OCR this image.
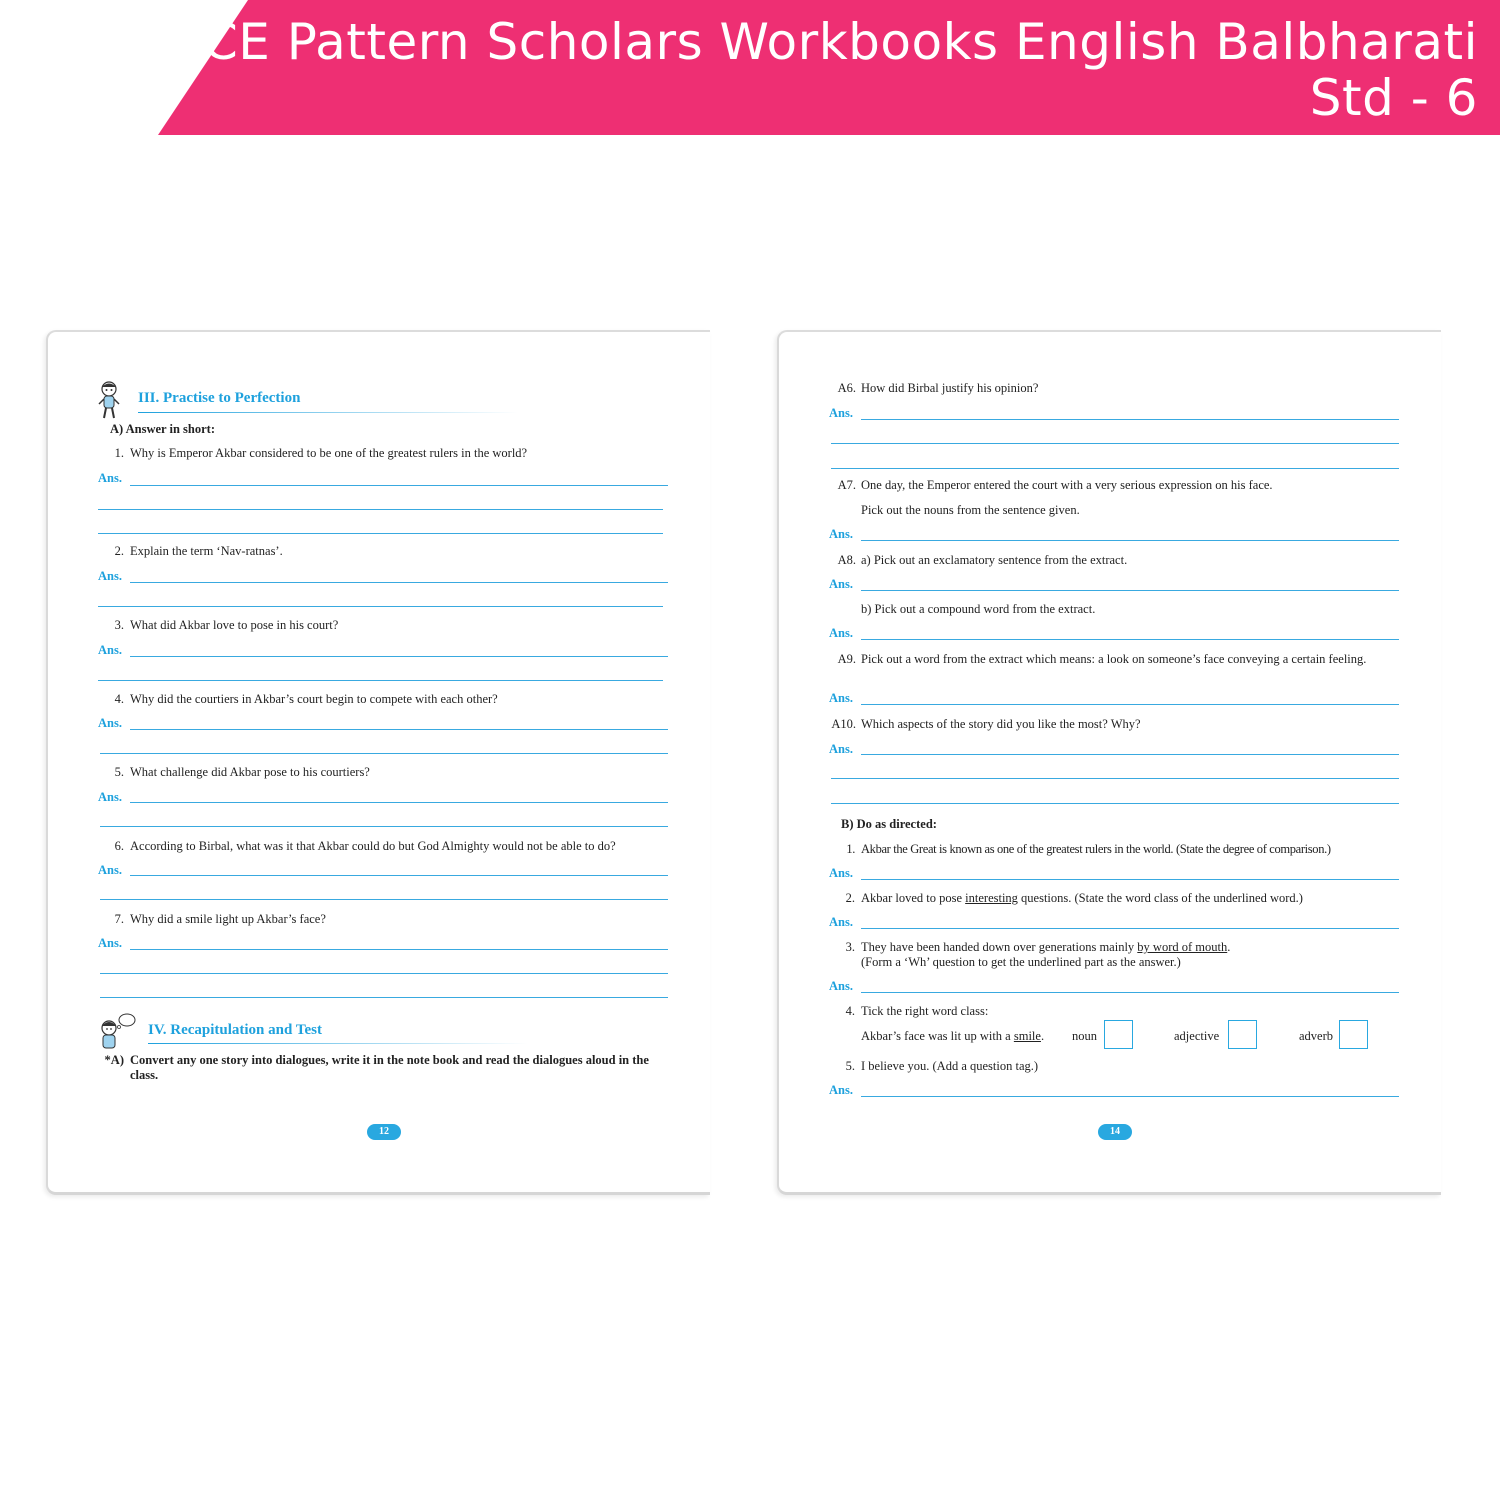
CCE Pattern Scholars Workbooks English Balbharati
Std - 6
III. Practise to Perfection
A) Answer in short:
1. Why is Emperor Akbar considered to be one of the greatest rulers in the world?
Ans.
2. Explain the term ‘Nav-ratnas’.
Ans.
3. What did Akbar love to pose in his court?
Ans.
4. Why did the courtiers in Akbar’s court begin to compete with each other?
Ans.
5. What challenge did Akbar pose to his courtiers?
Ans.
6. According to Birbal, what was it that Akbar could do but God Almighty would not be able to do?
Ans.
7. Why did a smile light up Akbar’s face?
Ans.
IV. Recapitulation and Test
*A) Convert any one story into dialogues, write it in the note book and read the dialogues aloud in the class.
12
A6. How did Birbal justify his opinion?
Ans.
A7. One day, the Emperor entered the court with a very serious expression on his face.
Pick out the nouns from the sentence given.
Ans.
A8. a) Pick out an exclamatory sentence from the extract.
Ans.
b) Pick out a compound word from the extract.
Ans.
A9. Pick out a word from the extract which means: a look on someone’s face conveying a certain feeling.
Ans.
A10. Which aspects of the story did you like the most? Why?
Ans.
B) Do as directed:
1. Akbar the Great is known as one of the greatest rulers in the world. (State the degree of comparison.)
Ans.
2. Akbar loved to pose interesting questions. (State the word class of the underlined word.)
Ans.
3. They have been handed down over generations mainly by word of mouth.
(Form a ‘Wh’ question to get the underlined part as the answer.)
Ans.
4. Tick the right word class:
Akbar’s face was lit up with a smile.	noun	adjective	adverb
5. I believe you. (Add a question tag.)
Ans.
14
